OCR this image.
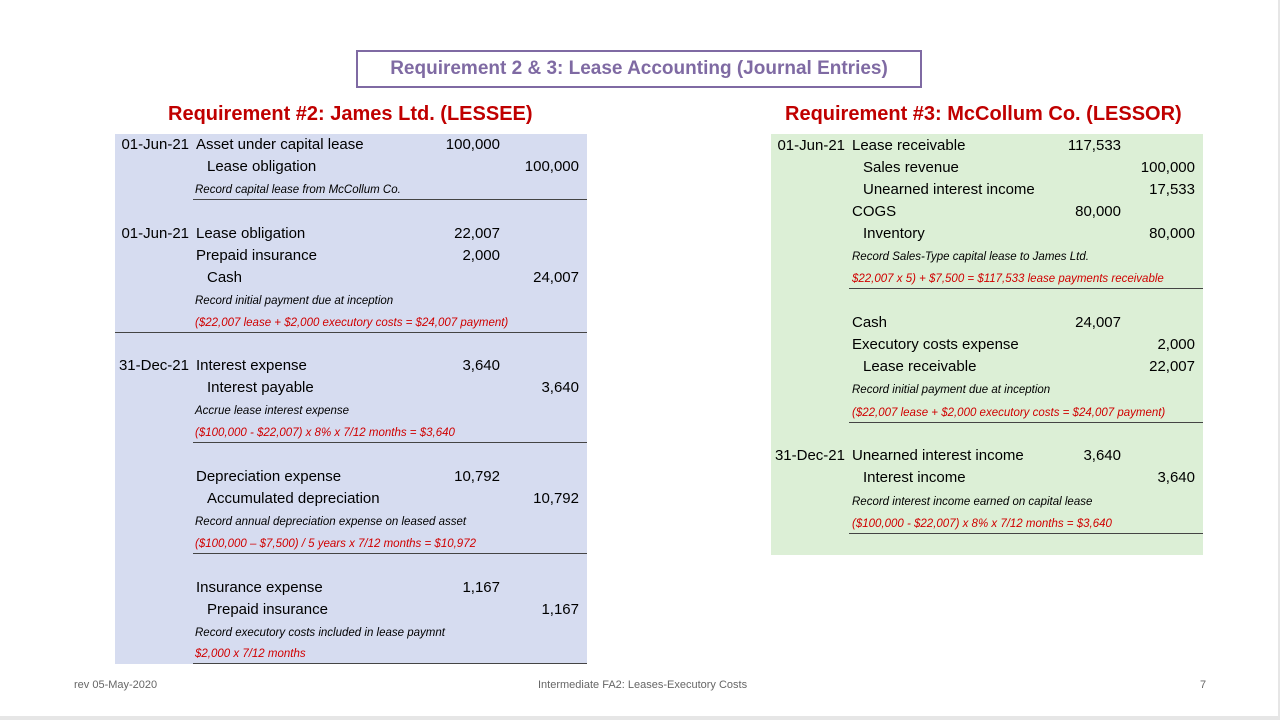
Requirement 2 & 3: Lease Accounting (Journal Entries)
Requirement #2: James Ltd. (LESSEE)	Requirement #3: McCollum Co. (LESSOR)
01-Jun-21 Asset under capital lease	100,000
Lease obligation	100,000
Record capital lease from McCollum Co.
01-Jun-21 Lease obligation	22,007
Prepaid insurance	2,000
Cash	24,007
Record initial payment due at inception
($22,007 lease + $2,000 executory costs = $24,007 payment)
31-Dec-21 Interest expense	3,640
Interest payable	3,640
Accrue lease interest expense
($100,000 - $22,007) x 8% x 7/12 months = $3,640
Depreciation expense	10,792
Accumulated depreciation	10,792
Record annual depreciation expense on leased asset
($100,000 – $7,500) / 5 years x 7/12 months = $10,972
Insurance expense	1,167
Prepaid insurance	1,167
Record executory costs included in lease paymnt
$2,000 x 7/12 months
01-Jun-21 Lease receivable	117,533
Sales revenue	100,000
Unearned interest income	17,533
COGS	80,000
Inventory	80,000
Record Sales-Type capital lease to James Ltd.
$22,007 x 5) + $7,500 = $117,533 lease payments receivable
Cash	24,007
Executory costs expense	2,000
Lease receivable	22,007
Record initial payment due at inception
($22,007 lease + $2,000 executory costs = $24,007 payment)
31-Dec-21 Unearned interest income	3,640
Interest income	3,640
Record interest income earned on capital lease
($100,000 - $22,007) x 8% x 7/12 months = $3,640
rev 05-May-2020	Intermediate FA2: Leases-Executory Costs	7
